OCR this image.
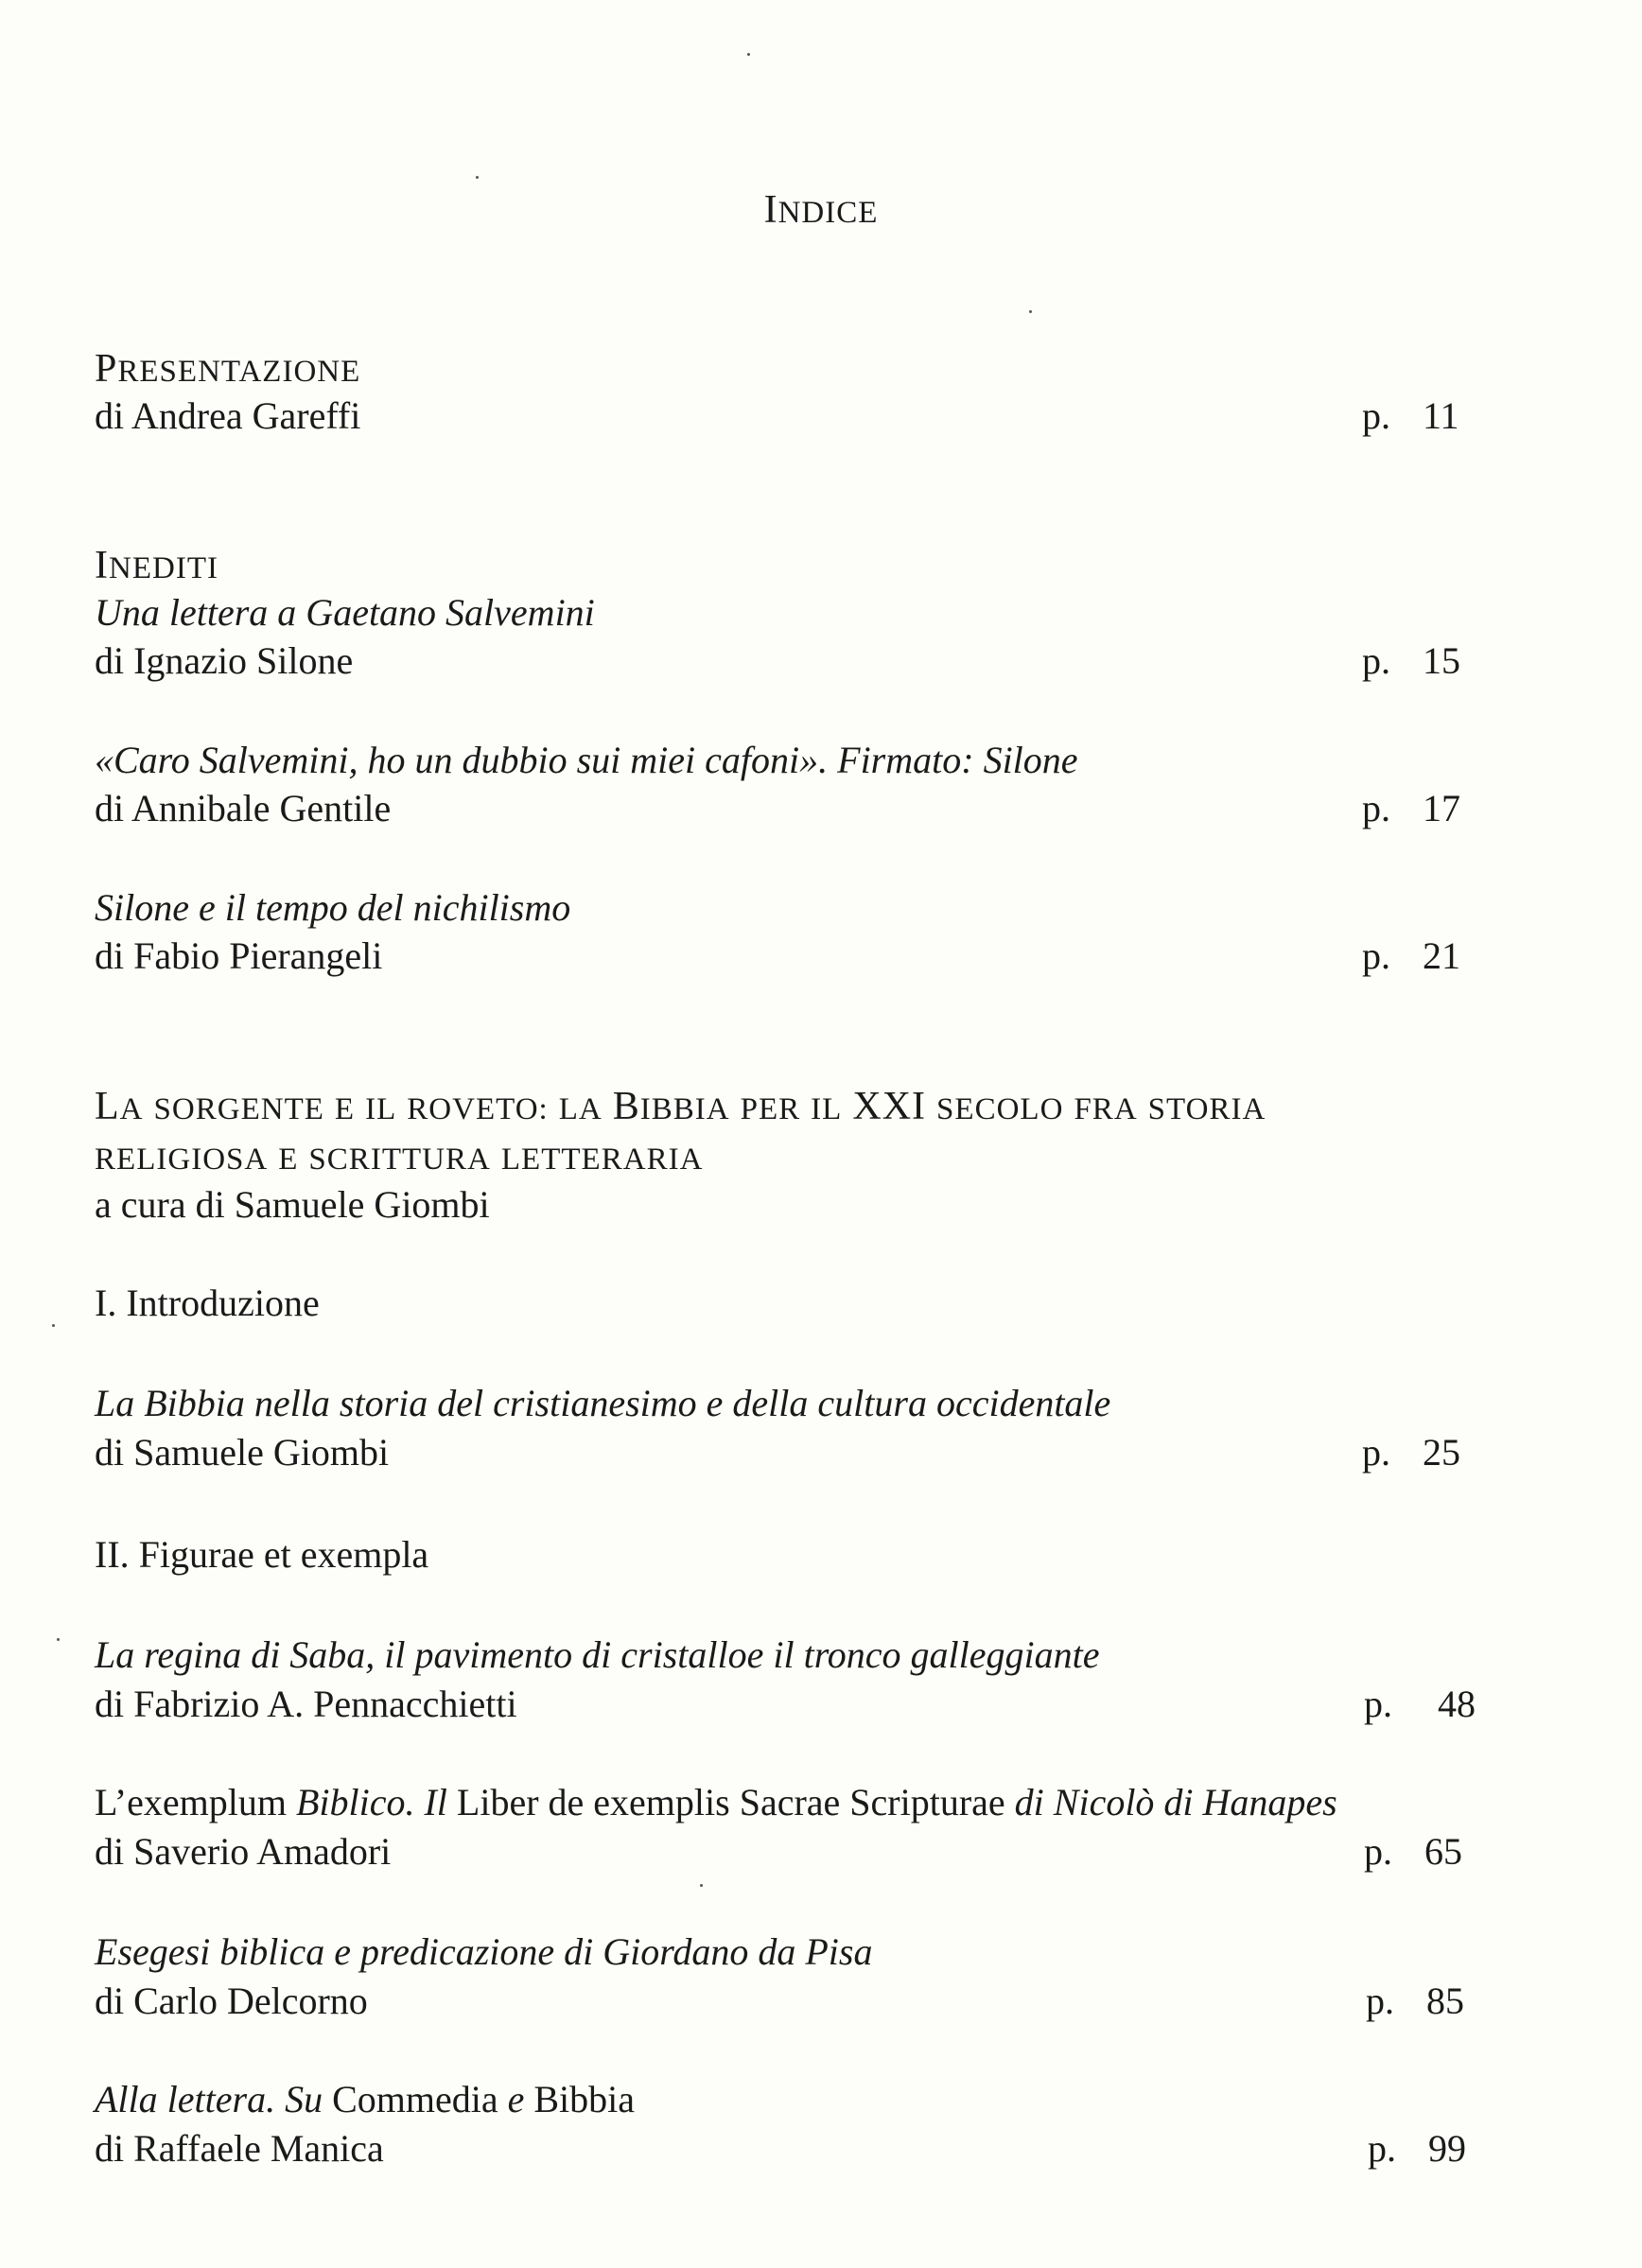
INDICE
PRESENTAZIONE
di Andrea Gareffi	p. 11
INEDITI
Una lettera a Gaetano Salvemini
di Ignazio Silone	p. 15
«Caro Salvemini, ho un dubbio sui miei cafoni». Firmato: Silone
di Annibale Gentile	p. 17
Silone e il tempo del nichilismo
di Fabio Pierangeli	p. 21
LA SORGENTE E IL ROVETO: LA BIBBIA PER IL XXI SECOLO FRA STORIA
RELIGIOSA E SCRITTURA LETTERARIA
a cura di Samuele Giombi
I. Introduzione
La Bibbia nella storia del cristianesimo e della cultura occidentale
di Samuele Giombi	p. 25
II. Figurae et exempla
La regina di Saba, il pavimento di cristalloe il tronco galleggiante
di Fabrizio A. Pennacchietti	p. 48
L’exemplum Biblico. Il Liber de exemplis Sacrae Scripturae di Nicolò di Hanapes
di Saverio Amadori	p. 65
Esegesi biblica e predicazione di Giordano da Pisa
di Carlo Delcorno	p. 85
Alla lettera. Su Commedia e Bibbia
di Raffaele Manica	p. 99
